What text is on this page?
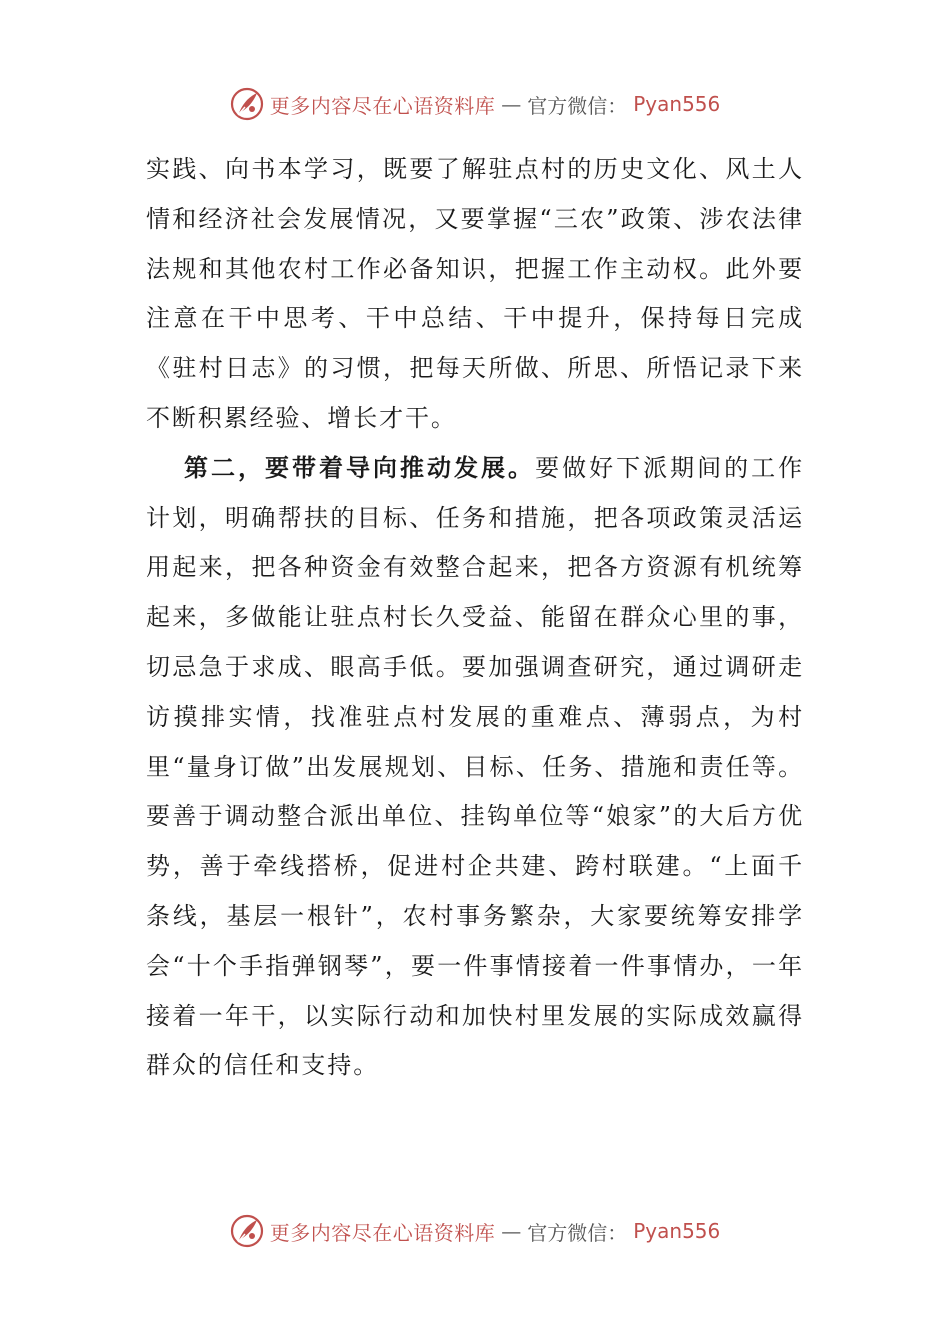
更多内容尽在心语资料库 — 官方微信： Pyan556

实践、向书本学习，既要了解驻点村的历史文化、风土人情和经济社会发展情况，又要掌握“三农”政策、涉农法律法规和其他农村工作必备知识，把握工作主动权。此外要注意在干中思考、干中总结、干中提升，保持每日完成《驻村日志》的习惯，把每天所做、所思、所悟记录下来不断积累经验、增长才干。

第二，要带着导向推动发展。要做好下派期间的工作计划，明确帮扶的目标、任务和措施，把各项政策灵活运用起来，把各种资金有效整合起来，把各方资源有机统筹起来，多做能让驻点村长久受益、能留在群众心里的事，切忌急于求成、眼高手低。要加强调查研究，通过调研走访摸排实情，找准驻点村发展的重难点、薄弱点，为村里“量身订做”出发展规划、目标、任务、措施和责任等。要善于调动整合派出单位、挂钩单位等“娘家”的大后方优势，善于牵线搭桥，促进村企共建、跨村联建。“上面千条线，基层一根针”，农村事务繁杂，大家要统筹安排学会“十个手指弹钢琴”，要一件事情接着一件事情办，一年接着一年干，以实际行动和加快村里发展的实际成效赢得群众的信任和支持。

更多内容尽在心语资料库 — 官方微信： Pyan556
